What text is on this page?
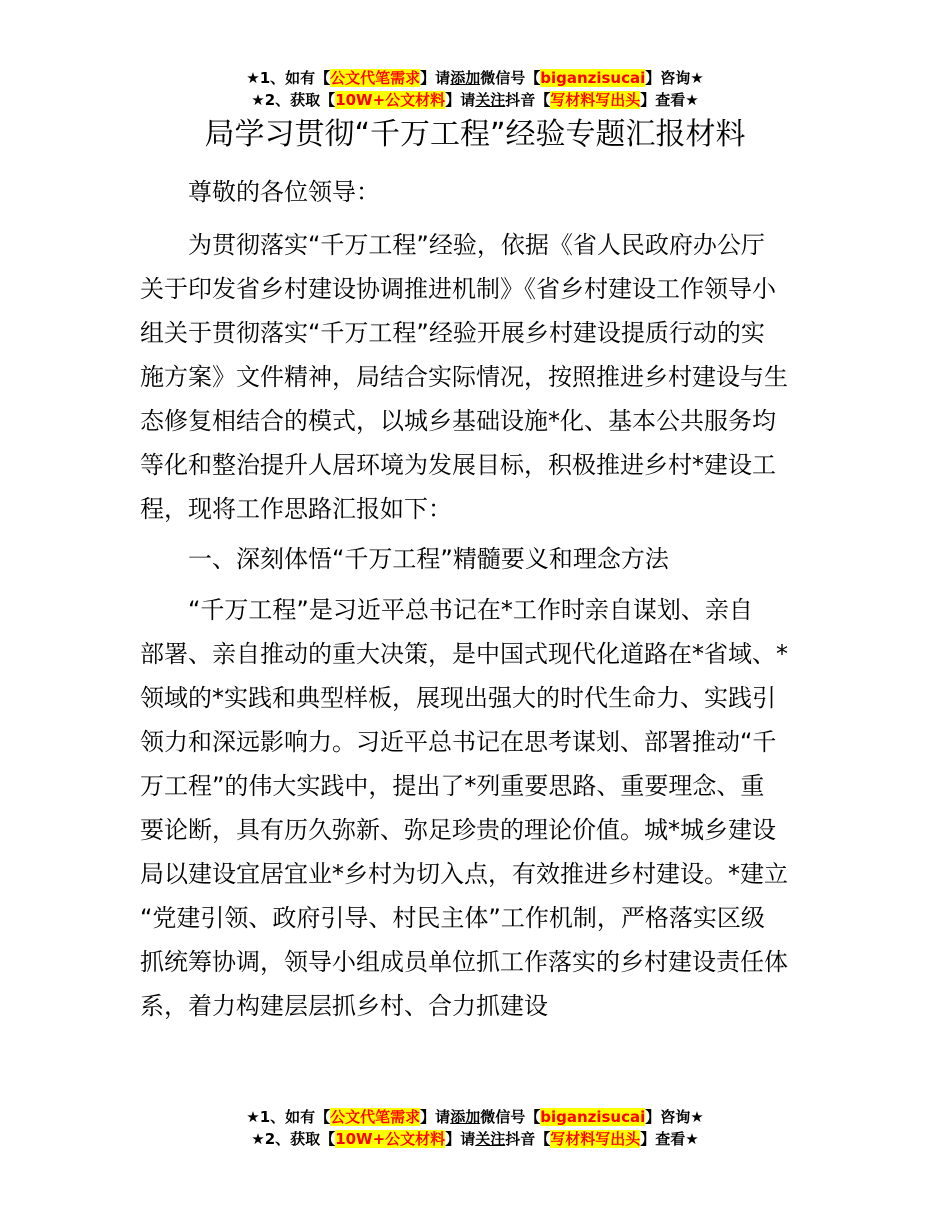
★1、如有【公文代笔需求】请添加微信号【biganzisucai】咨询★
★2、获取【10W+公文材料】请关注抖音【写材料写出头】查看★
局学习贯彻“千万工程”经验专题汇报材料
尊敬的各位领导：
为贯彻落实“千万工程”经验，依据《省人民政府办公厅
关于印发省乡村建设协调推进机制》《省乡村建设工作领导小
组关于贯彻落实“千万工程”经验开展乡村建设提质行动的实
施方案》文件精神，局结合实际情况，按照推进乡村建设与生
态修复相结合的模式，以城乡基础设施*化、基本公共服务均
等化和整治提升人居环境为发展目标，积极推进乡村*建设工
程，现将工作思路汇报如下：
一、深刻体悟“千万工程”精髓要义和理念方法
“千万工程”是习近平总书记在*工作时亲自谋划、亲自
部署、亲自推动的重大决策，是中国式现代化道路在*省域、*
领域的*实践和典型样板，展现出强大的时代生命力、实践引
领力和深远影响力。习近平总书记在思考谋划、部署推动“千
万工程”的伟大实践中，提出了*列重要思路、重要理念、重
要论断，具有历久弥新、弥足珍贵的理论价值。城*城乡建设
局以建设宜居宜业*乡村为切入点，有效推进乡村建设。*建立
“党建引领、政府引导、村民主体”工作机制，严格落实区级
抓统筹协调，领导小组成员单位抓工作落实的乡村建设责任体
系，着力构建层层抓乡村、合力抓建设
★1、如有【公文代笔需求】请添加微信号【biganzisucai】咨询★
★2、获取【10W+公文材料】请关注抖音【写材料写出头】查看★
